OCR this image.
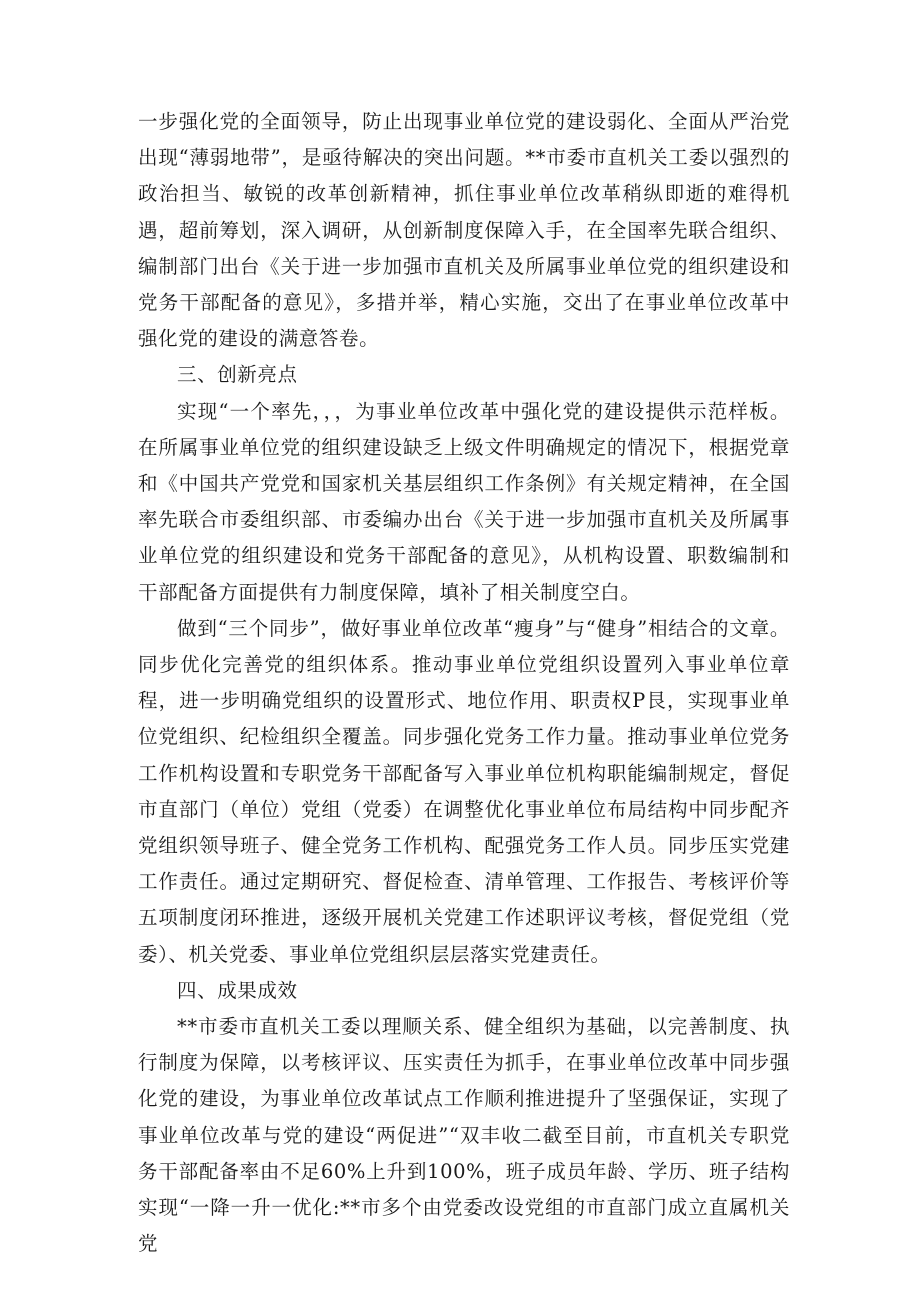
一步强化党的全面领导，防止出现事业单位党的建设弱化、全面从严治党出现“薄弱地带”，是亟待解决的突出问题。**市委市直机关工委以强烈的政治担当、敏锐的改革创新精神，抓住事业单位改革稍纵即逝的难得机遇，超前筹划，深入调研，从创新制度保障入手，在全国率先联合组织、编制部门出台《关于进一步加强市直机关及所属事业单位党的组织建设和党务干部配备的意见》，多措并举，精心实施，交出了在事业单位改革中强化党的建设的满意答卷。

三、创新亮点

实现“一个率先，，，为事业单位改革中强化党的建设提供示范样板。在所属事业单位党的组织建设缺乏上级文件明确规定的情况下，根据党章和《中国共产党党和国家机关基层组织工作条例》有关规定精神，在全国率先联合市委组织部、市委编办出台《关于进一步加强市直机关及所属事业单位党的组织建设和党务干部配备的意见》，从机构设置、职数编制和干部配备方面提供有力制度保障，填补了相关制度空白。

做到“三个同步”，做好事业单位改革“瘦身”与“健身”相结合的文章。同步优化完善党的组织体系。推动事业单位党组织设置列入事业单位章程，进一步明确党组织的设置形式、地位作用、职责权P艮，实现事业单位党组织、纪检组织全覆盖。同步强化党务工作力量。推动事业单位党务工作机构设置和专职党务干部配备写入事业单位机构职能编制规定，督促市直部门（单位）党组（党委）在调整优化事业单位布局结构中同步配齐党组织领导班子、健全党务工作机构、配强党务工作人员。同步压实党建工作责任。通过定期研究、督促检查、清单管理、工作报告、考核评价等五项制度闭环推进，逐级开展机关党建工作述职评议考核，督促党组（党委）、机关党委、事业单位党组织层层落实党建责任。

四、成果成效

**市委市直机关工委以理顺关系、健全组织为基础，以完善制度、执行制度为保障，以考核评议、压实责任为抓手，在事业单位改革中同步强化党的建设，为事业单位改革试点工作顺利推进提升了坚强保证，实现了事业单位改革与党的建设“两促进”“双丰收二截至目前，市直机关专职党务干部配备率由不足60%上升到100%，班子成员年龄、学历、班子结构实现“一降一升一优化:**市多个由党委改设党组的市直部门成立直属机关党
